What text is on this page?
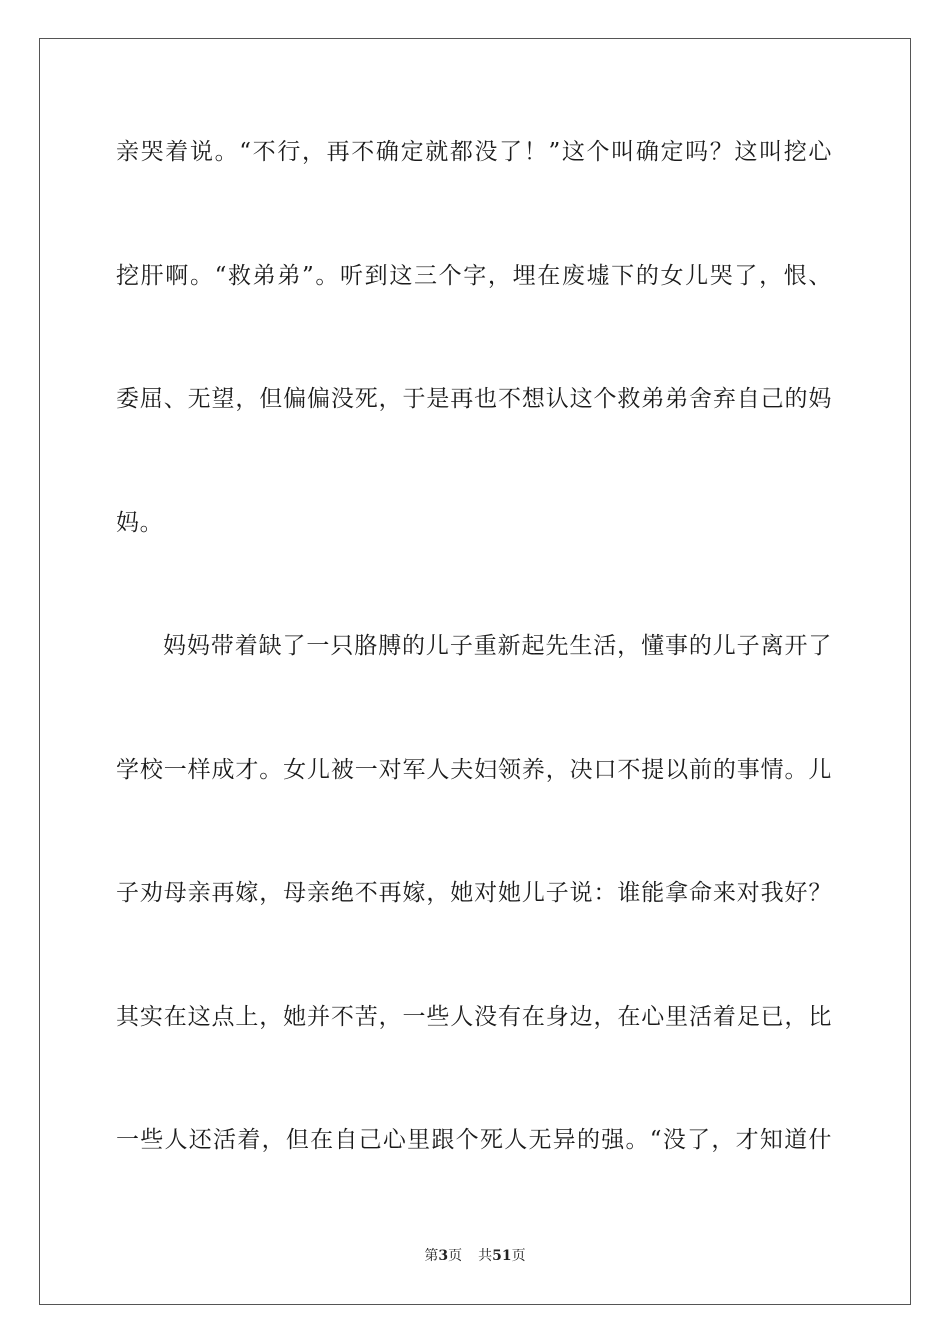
亲哭着说。“不行，再不确定就都没了！”这个叫确定吗？这叫挖心
挖肝啊。“救弟弟”。听到这三个字，埋在废墟下的女儿哭了，恨、
委屈、无望，但偏偏没死，于是再也不想认这个救弟弟舍弃自己的妈
妈。
妈妈带着缺了一只胳膊的儿子重新起先生活，懂事的儿子离开了
学校一样成才。女儿被一对军人夫妇领养，决口不提以前的事情。儿
子劝母亲再嫁，母亲绝不再嫁，她对她儿子说：谁能拿命来对我好？
其实在这点上，她并不苦，一些人没有在身边，在心里活着足已，比
一些人还活着，但在自己心里跟个死人无异的强。“没了，才知道什
第3页 共51页
